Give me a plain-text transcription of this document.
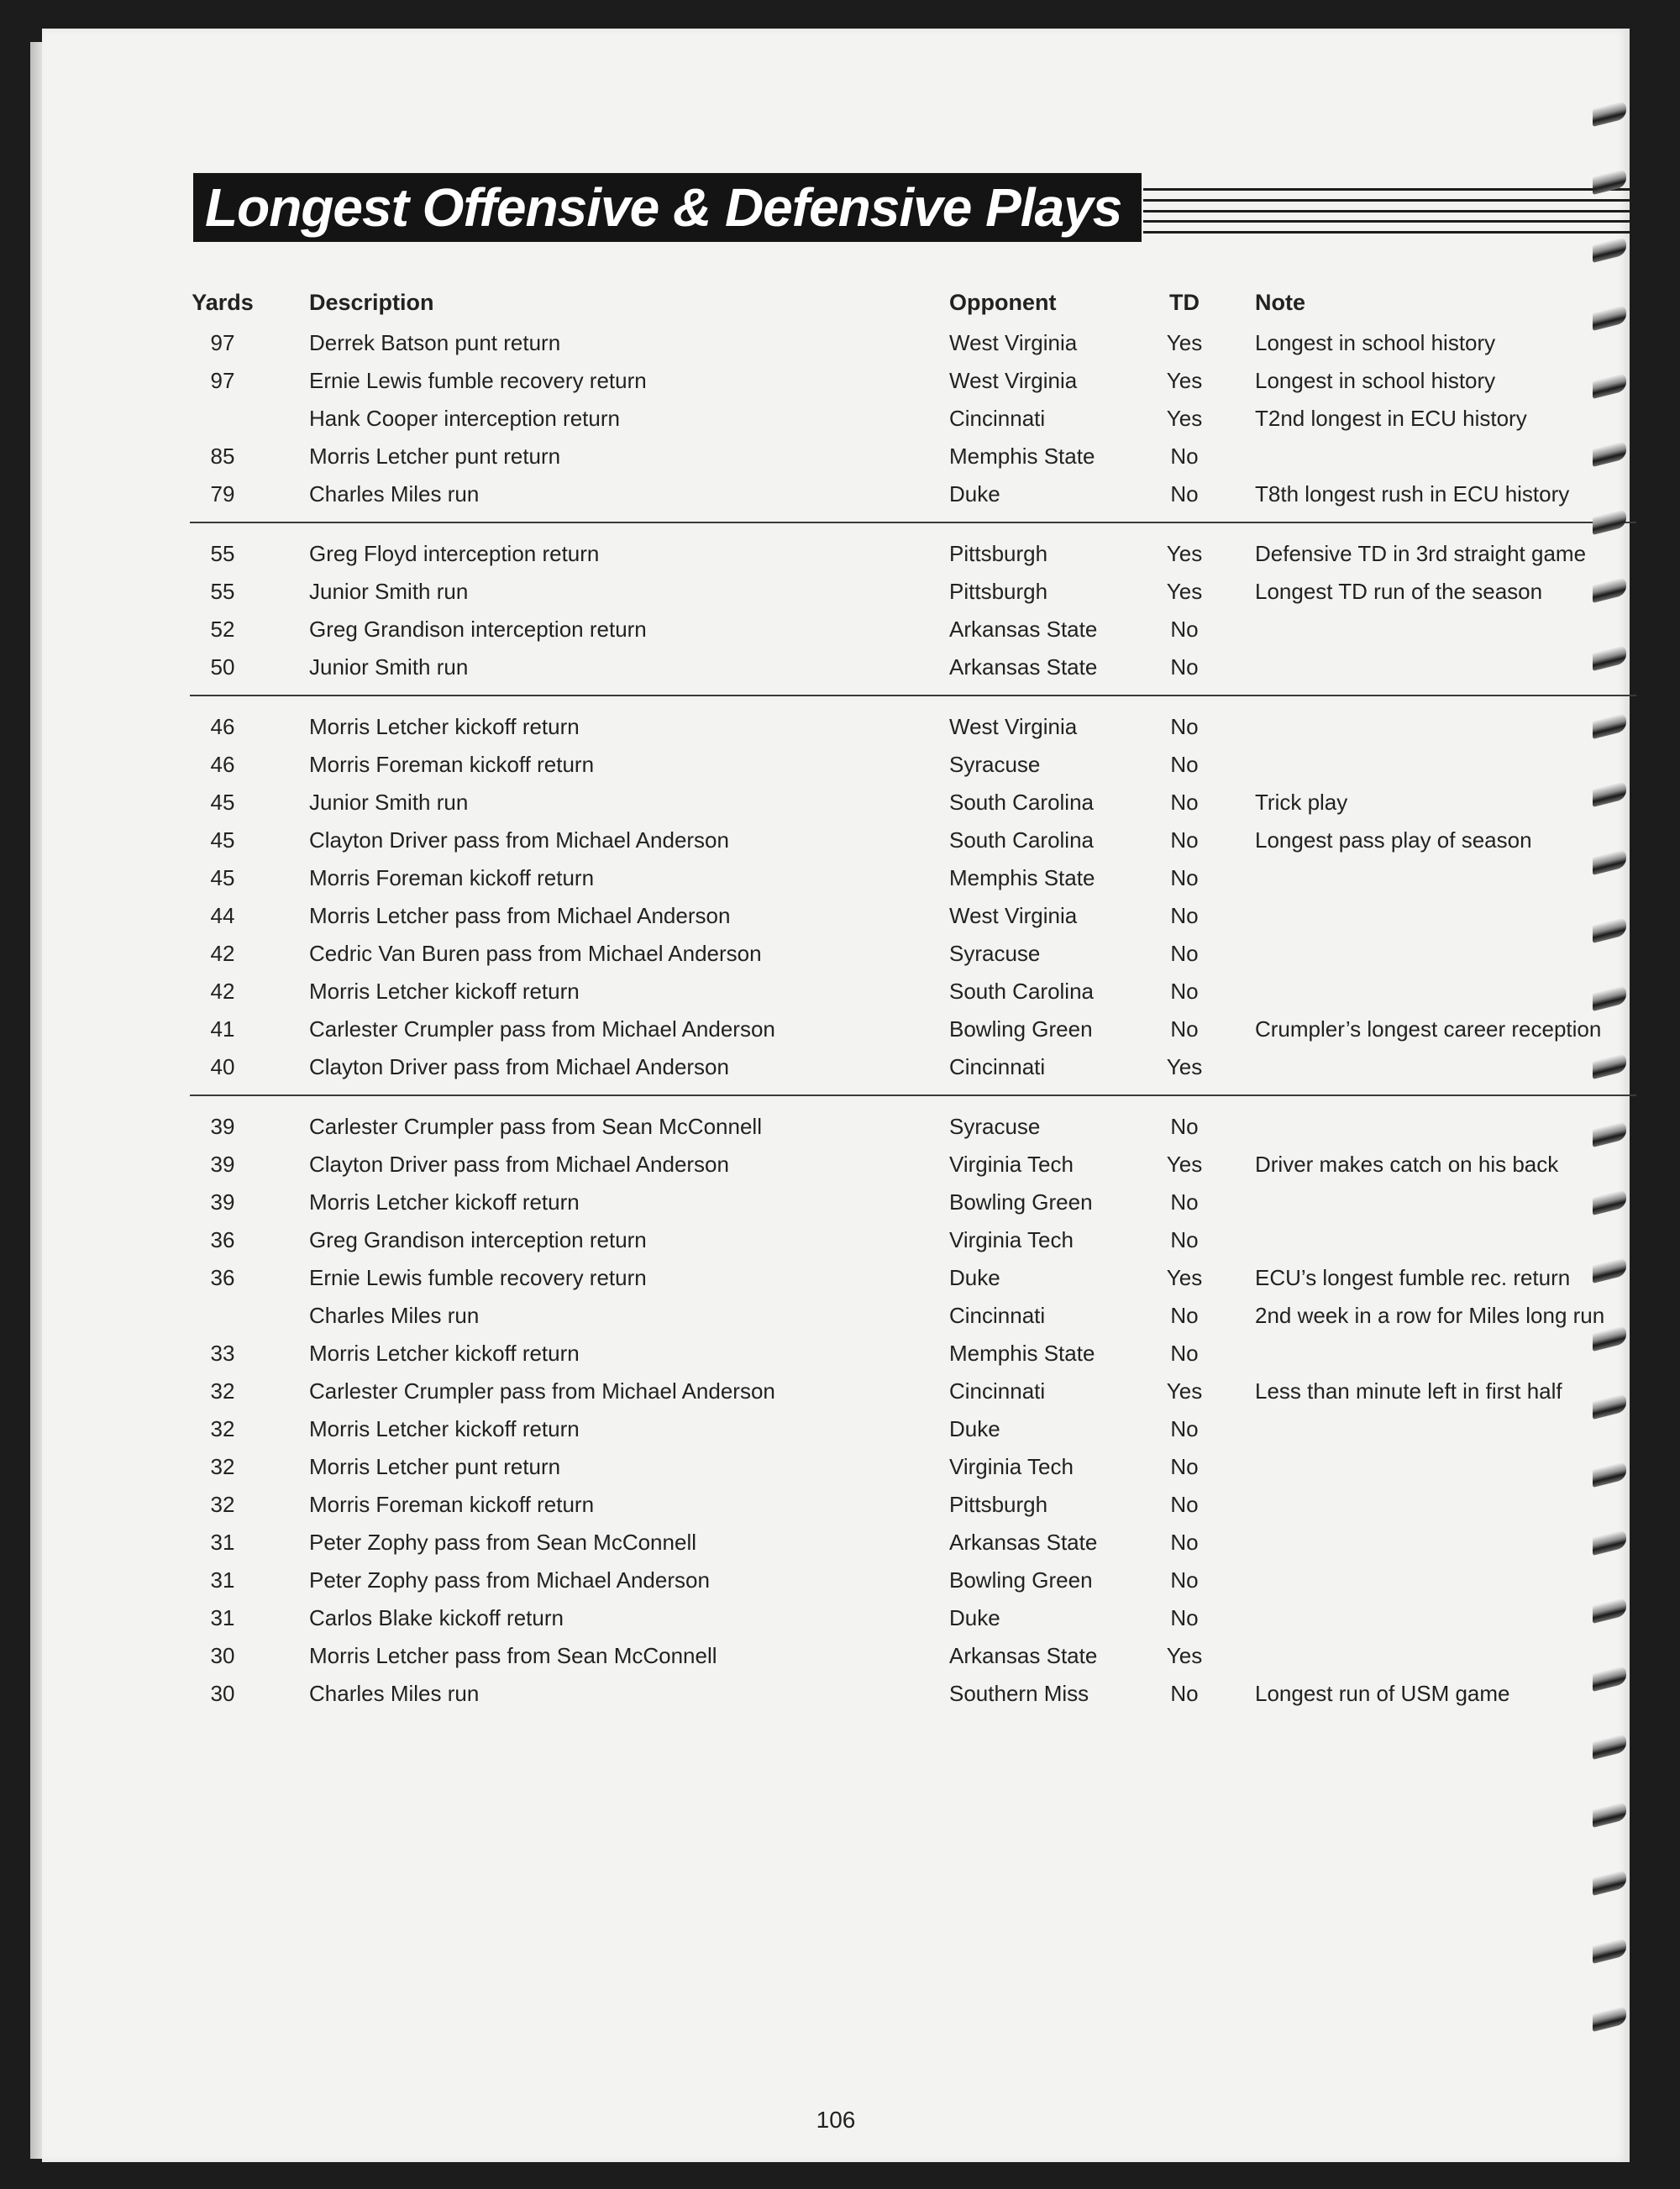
Longest Offensive & Defensive Plays
Yards Description	Opponent	TD	Note
97	Derrek Batson punt return	West Virginia	Yes	Longest in school history
97	Ernie Lewis fumble recovery return	West Virginia	Yes	Longest in school history
Hank Cooper interception return	Cincinnati	Yes	T2nd longest in ECU history
85	Morris Letcher punt return	Memphis State	No
79	Charles Miles run	Duke	No	T8th longest rush in ECU history
55	Greg Floyd interception return	Pittsburgh	Yes	Defensive TD in 3rd straight game
55	Junior Smith run	Pittsburgh	Yes	Longest TD run of the season
52	Greg Grandison interception return	Arkansas State	No
50	Junior Smith run	Arkansas State	No
46	Morris Letcher kickoff return	West Virginia	No
46	Morris Foreman kickoff return	Syracuse	No
45	Junior Smith run	South Carolina	No	Trick play
45	Clayton Driver pass from Michael Anderson	South Carolina	No	Longest pass play of season
45	Morris Foreman kickoff return	Memphis State	No
44	Morris Letcher pass from Michael Anderson	West Virginia	No
42	Cedric Van Buren pass from Michael Anderson	Syracuse	No
42	Morris Letcher kickoff return	South Carolina	No
41	Carlester Crumpler pass from Michael Anderson	Bowling Green	No	Crumpler’s longest career reception
40	Clayton Driver pass from Michael Anderson	Cincinnati	Yes
39	Carlester Crumpler pass from Sean McConnell	Syracuse	No
39	Clayton Driver pass from Michael Anderson	Virginia Tech	Yes	Driver makes catch on his back
39	Morris Letcher kickoff return	Bowling Green	No
36	Greg Grandison interception return	Virginia Tech	No
36	Ernie Lewis fumble recovery return	Duke	Yes	ECU’s longest fumble rec. return
Charles Miles run	Cincinnati	No	2nd week in a row for Miles long run
33	Morris Letcher kickoff return	Memphis State	No
32	Carlester Crumpler pass from Michael Anderson	Cincinnati	Yes	Less than minute left in first half
32	Morris Letcher kickoff return	Duke	No
32	Morris Letcher punt return	Virginia Tech	No
32	Morris Foreman kickoff return	Pittsburgh	No
31	Peter Zophy pass from Sean McConnell	Arkansas State	No
31	Peter Zophy pass from Michael Anderson	Bowling Green	No
31	Carlos Blake kickoff return	Duke	No
30	Morris Letcher pass from Sean McConnell	Arkansas State	Yes
30	Charles Miles run	Southern Miss	No	Longest run of USM game
106
